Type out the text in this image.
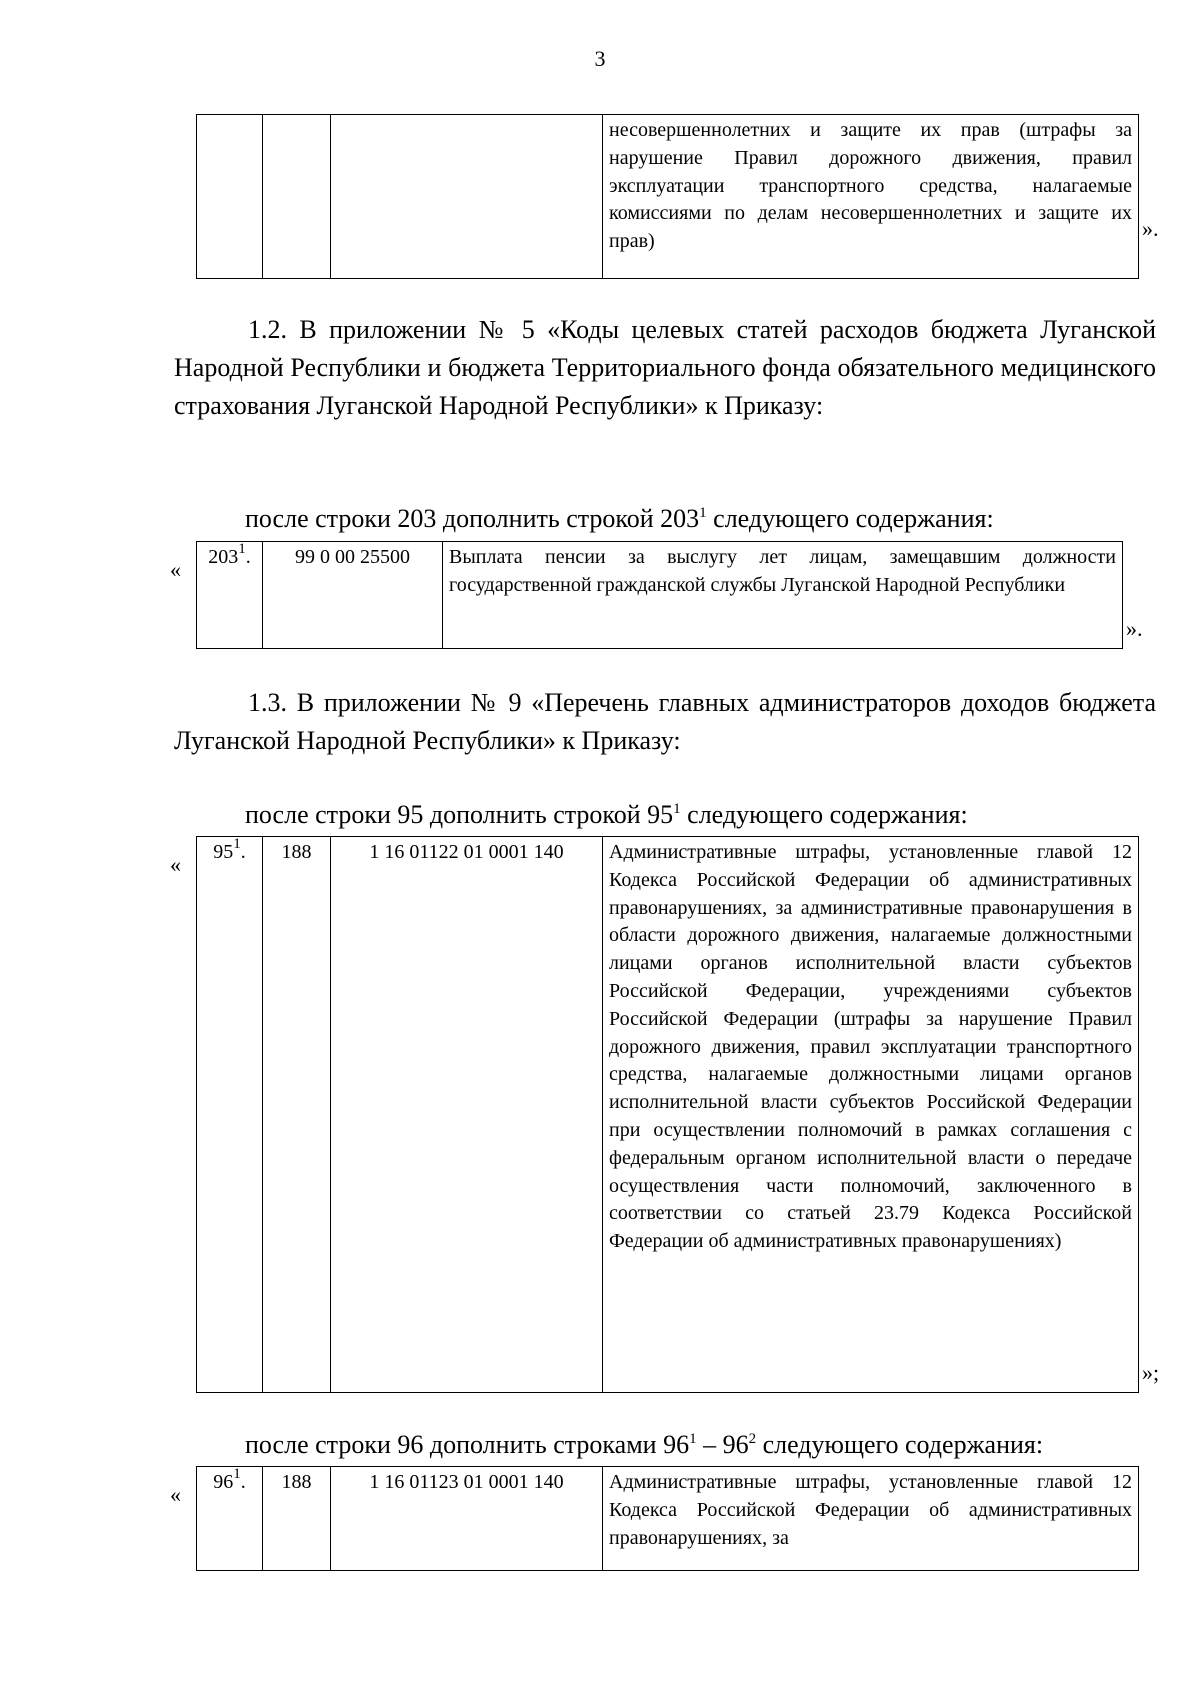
3
			несовершеннолетних и защите их прав (штрафы за нарушение Правил дорожного движения, правил эксплуатации транспортного средства, налагаемые комиссиями по делам несовершеннолетних и защите их прав)
».

1.2. В приложении № 5 «Коды целевых статей расходов бюджета Луганской Народной Республики и бюджета Территориального фонда обязательного медицинского страхования Луганской Народной Республики» к Приказу:

после строки 203 дополнить строкой $203^1$ следующего содержания:
« $203^1$.	99 0 00 25500	Выплата пенсии за выслугу лет лицам, замещавшим должности государственной гражданской службы Луганской Народной Республики
».

1.3. В приложении № 9 «Перечень главных администраторов доходов бюджета Луганской Народной Республики» к Приказу:

после строки 95 дополнить строкой $95^1$ следующего содержания:
« $95^1$.	188	1 16 01122 01 0001 140	Административные штрафы, установленные главой 12 Кодекса Российской Федерации об административных правонарушениях, за административные правонарушения в области дорожного движения, налагаемые должностными лицами органов исполнительной власти субъектов Российской Федерации, учреждениями субъектов Российской Федерации (штрафы за нарушение Правил дорожного движения, правил эксплуатации транспортного средства, налагаемые должностными лицами органов исполнительной власти субъектов Российской Федерации при осуществлении полномочий в рамках соглашения с федеральным органом исполнительной власти о передаче осуществления части полномочий, заключенного в соответствии со статьей 23.79 Кодекса Российской Федерации об административных правонарушениях)
»;
после строки 96 дополнить строками $96^1 - 96^2$ следующего содержания:
« $96^1$.	188	1 16 01123 01 0001 140	Административные штрафы, установленные главой 12 Кодекса Российской Федерации об административных правонарушениях, за
